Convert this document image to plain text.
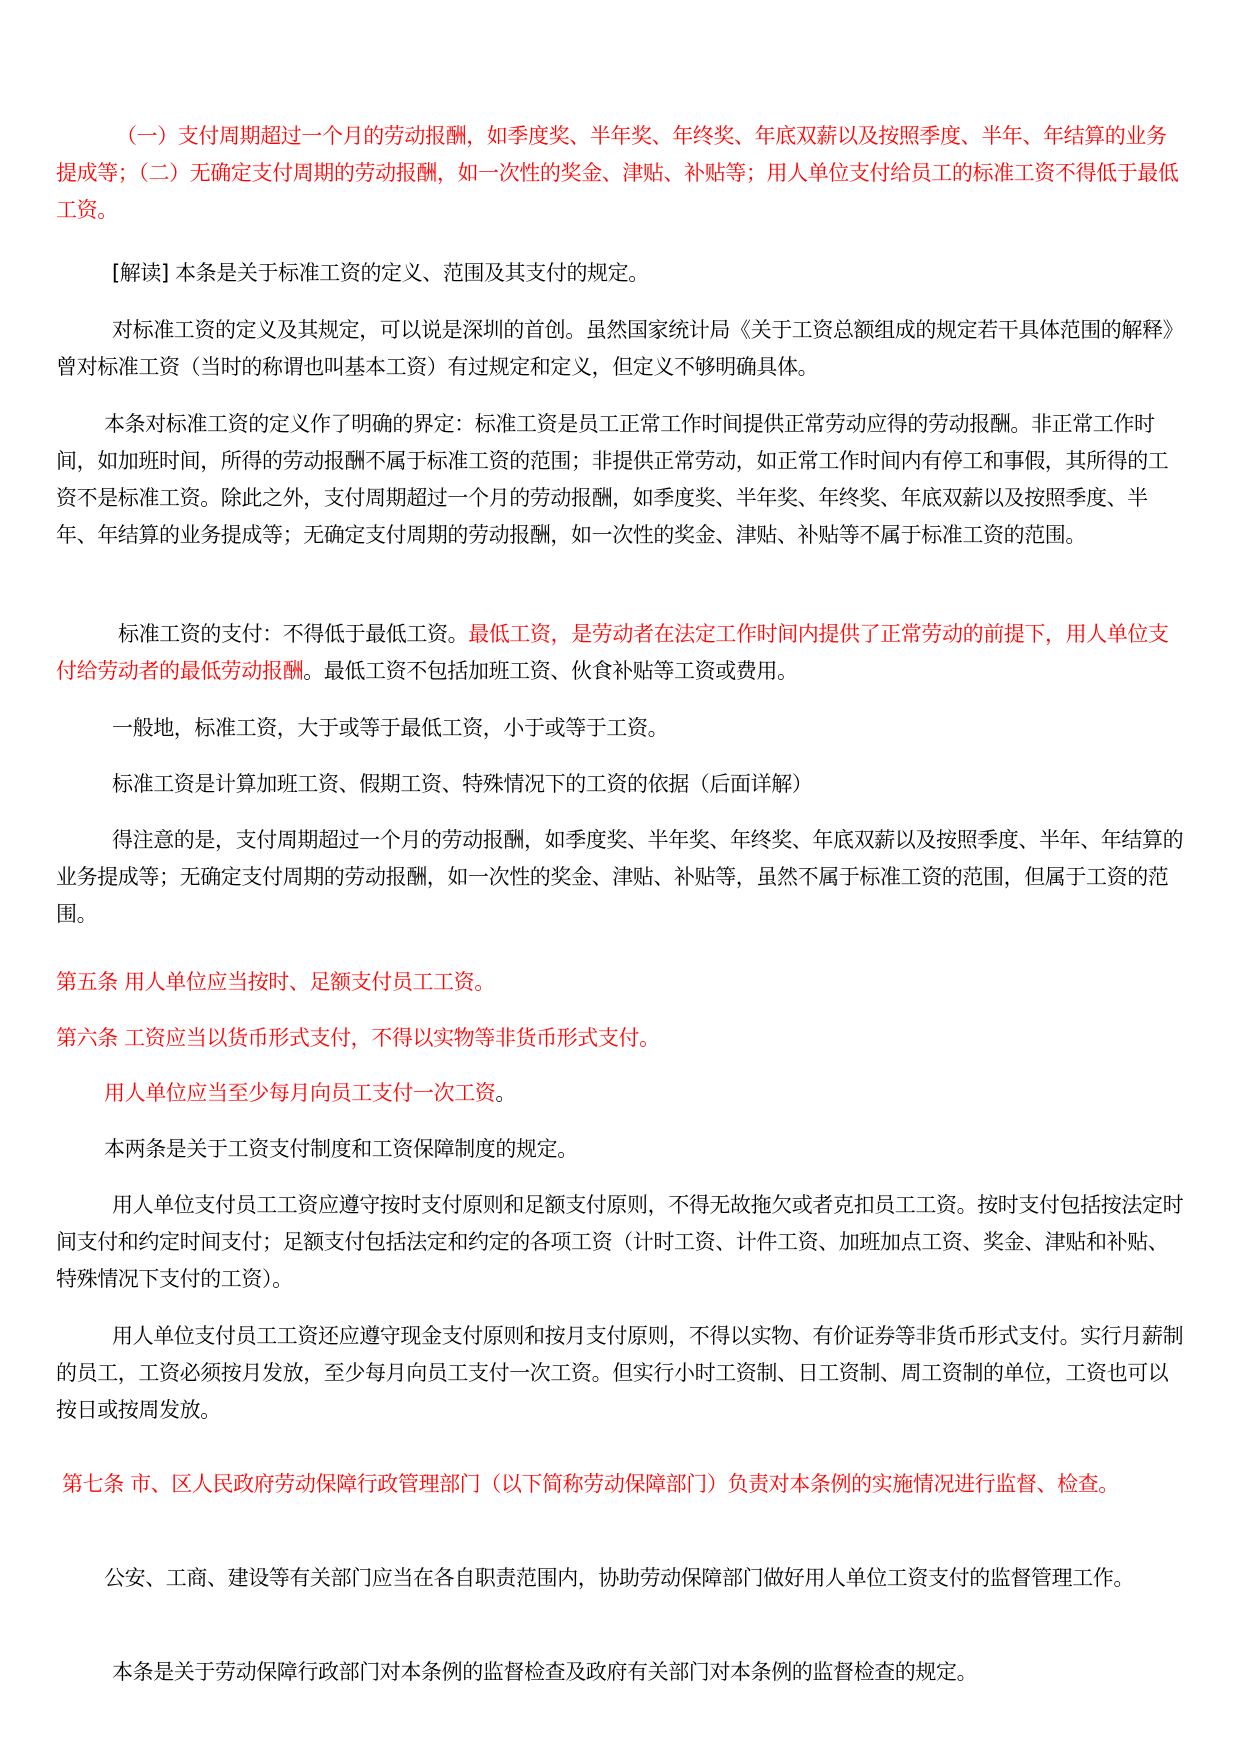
（一）支付周期超过一个月的劳动报酬，如季度奖、半年奖、年终奖、年底双薪以及按照季度、半年、年结算的业务提成等；（二）无确定支付周期的劳动报酬，如一次性的奖金、津贴、补贴等；用人单位支付给员工的标准工资不得低于最低工资。

[解读] 本条是关于标准工资的定义、范围及其支付的规定。

对标准工资的定义及其规定，可以说是深圳的首创。虽然国家统计局《关于工资总额组成的规定若干具体范围的解释》曾对标准工资（当时的称谓也叫基本工资）有过规定和定义，但定义不够明确具体。

本条对标准工资的定义作了明确的界定：标准工资是员工正常工作时间提供正常劳动应得的劳动报酬。非正常工作时间，如加班时间，所得的劳动报酬不属于标准工资的范围；非提供正常劳动，如正常工作时间内有停工和事假，其所得的工资不是标准工资。除此之外，支付周期超过一个月的劳动报酬，如季度奖、半年奖、年终奖、年底双薪以及按照季度、半年、年结算的业务提成等；无确定支付周期的劳动报酬，如一次性的奖金、津贴、补贴等不属于标准工资的范围。

标准工资的支付：不得低于最低工资。最低工资，是劳动者在法定工作时间内提供了正常劳动的前提下，用人单位支付给劳动者的最低劳动报酬。最低工资不包括加班工资、伙食补贴等工资或费用。

一般地，标准工资，大于或等于最低工资，小于或等于工资。

标准工资是计算加班工资、假期工资、特殊情况下的工资的依据（后面详解）

得注意的是，支付周期超过一个月的劳动报酬，如季度奖、半年奖、年终奖、年底双薪以及按照季度、半年、年结算的业务提成等；无确定支付周期的劳动报酬，如一次性的奖金、津贴、补贴等，虽然不属于标准工资的范围，但属于工资的范围。

第五条 用人单位应当按时、足额支付员工工资。

第六条 工资应当以货币形式支付，不得以实物等非货币形式支付。

用人单位应当至少每月向员工支付一次工资。

本两条是关于工资支付制度和工资保障制度的规定。

用人单位支付员工工资应遵守按时支付原则和足额支付原则，不得无故拖欠或者克扣员工工资。按时支付包括按法定时间支付和约定时间支付；足额支付包括法定和约定的各项工资（计时工资、计件工资、加班加点工资、奖金、津贴和补贴、特殊情况下支付的工资）。

用人单位支付员工工资还应遵守现金支付原则和按月支付原则，不得以实物、有价证券等非货币形式支付。实行月薪制的员工，工资必须按月发放，至少每月向员工支付一次工资。但实行小时工资制、日工资制、周工资制的单位，工资也可以按日或按周发放。

第七条 市、区人民政府劳动保障行政管理部门（以下简称劳动保障部门）负责对本条例的实施情况进行监督、检查。

公安、工商、建设等有关部门应当在各自职责范围内，协助劳动保障部门做好用人单位工资支付的监督管理工作。

本条是关于劳动保障行政部门对本条例的监督检查及政府有关部门对本条例的监督检查的规定。
